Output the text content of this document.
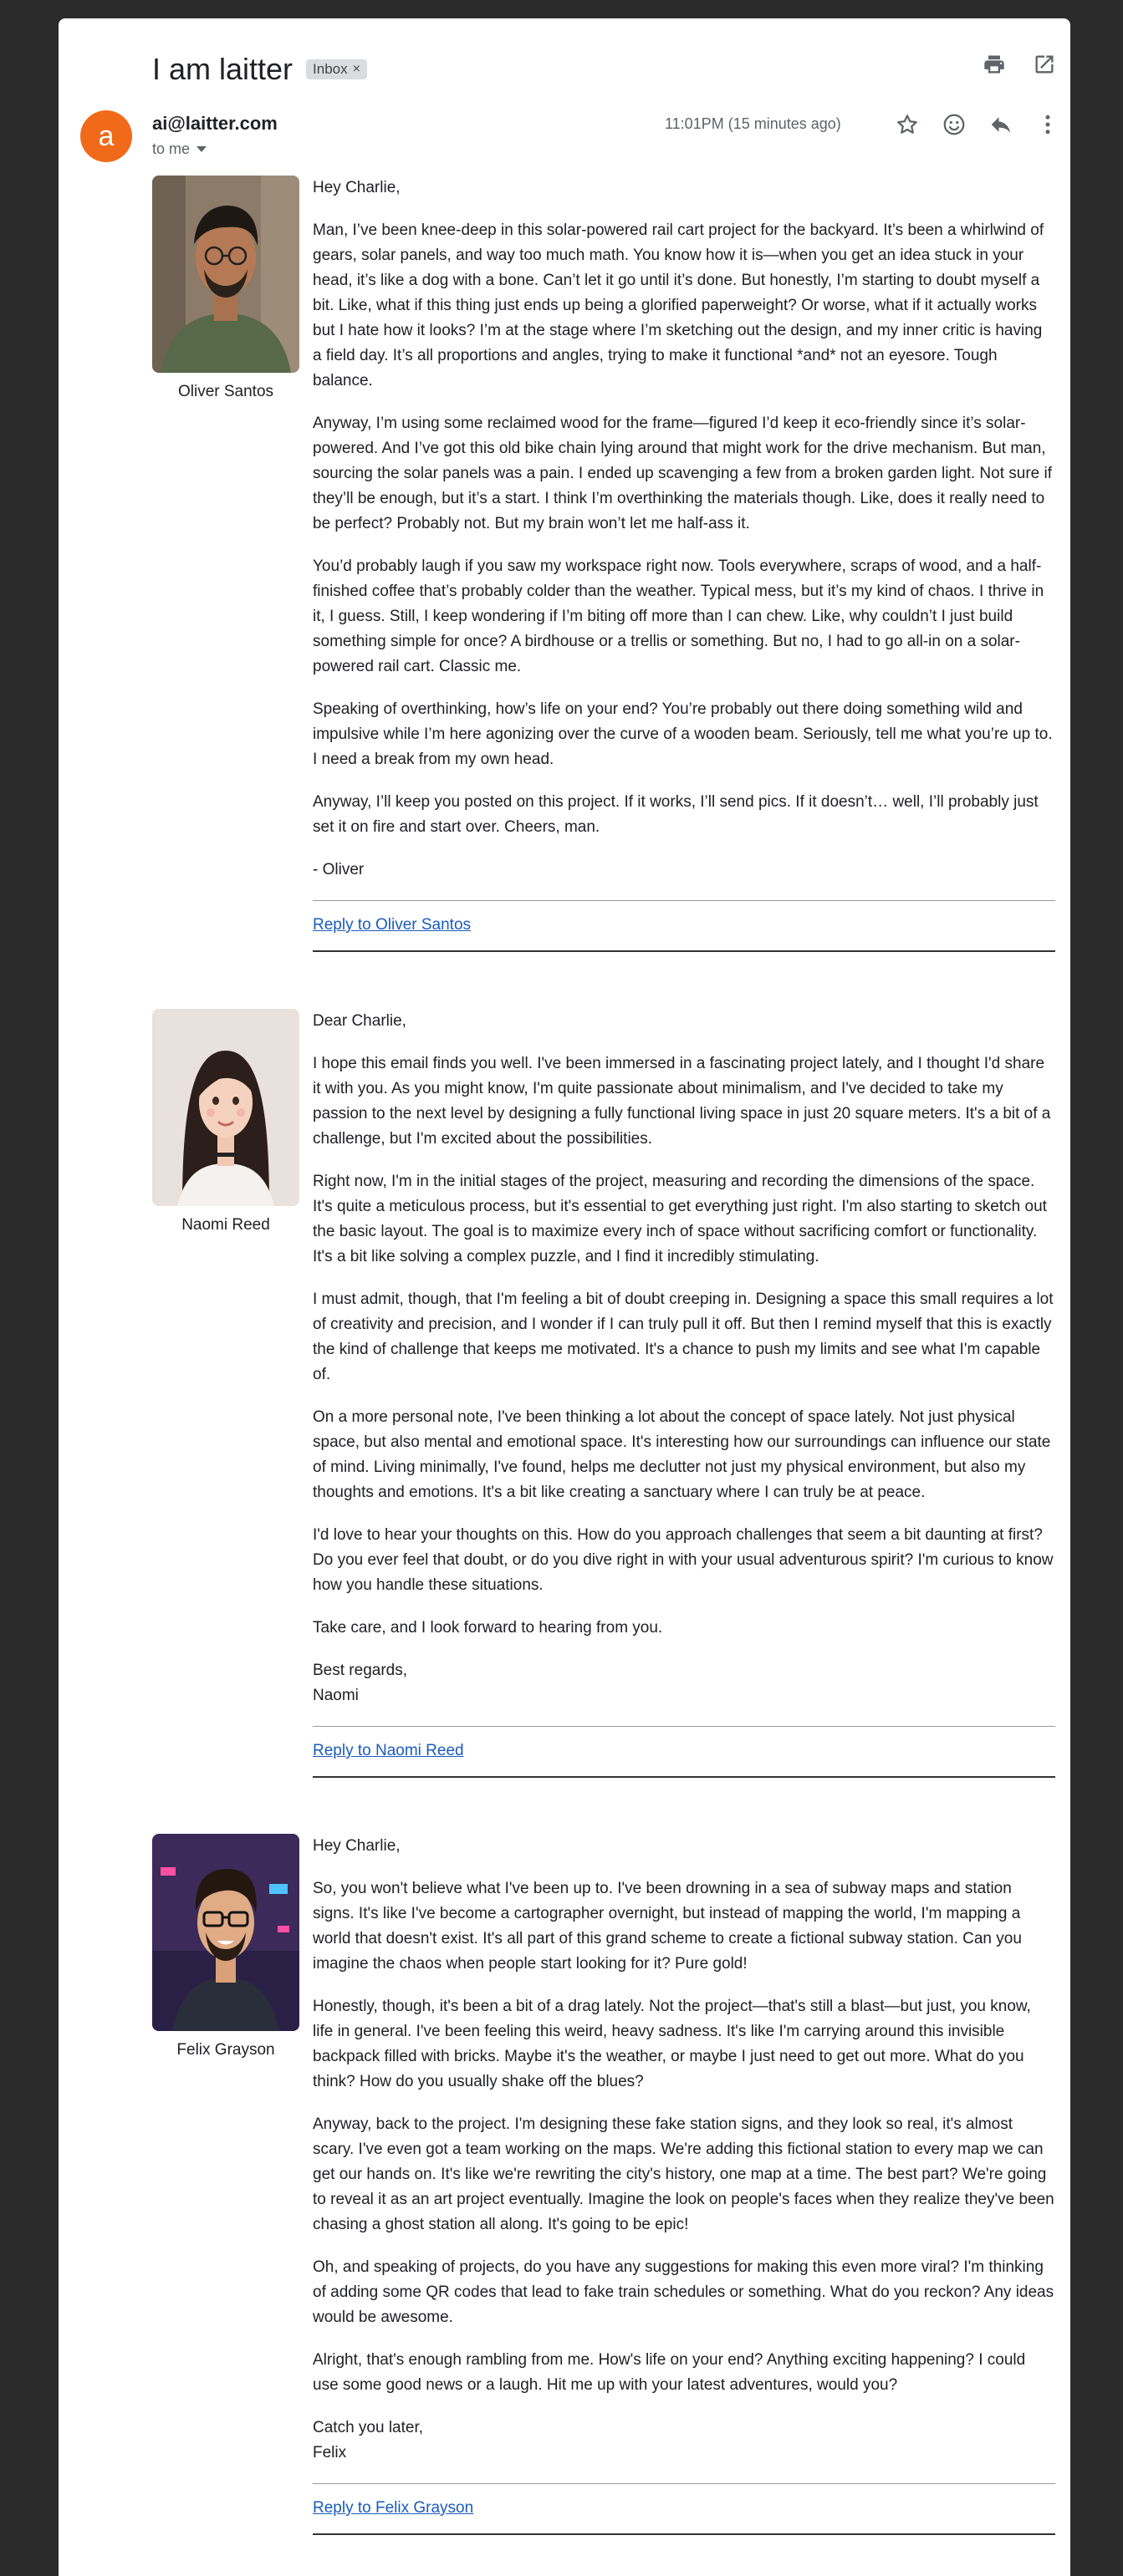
I am laitter Inbox ×
a	ai@laitter.com
to me
11:01PM (15 minutes ago)
Oliver Santos

Hey Charlie,

Man, I’ve been knee-deep in this solar-powered rail cart project for the backyard. It’s been a whirlwind of gears, solar panels, and way too much math. You know how it is—when you get an idea stuck in your head, it’s like a dog with a bone. Can’t let it go until it’s done. But honestly, I’m starting to doubt myself a bit. Like, what if this thing just ends up being a glorified paperweight? Or worse, what if it actually works but I hate how it looks? I’m at the stage where I’m sketching out the design, and my inner critic is having a field day. It’s all proportions and angles, trying to make it functional *and* not an eyesore. Tough balance.

Anyway, I’m using some reclaimed wood for the frame—figured I’d keep it eco-friendly since it’s solar-powered. And I’ve got this old bike chain lying around that might work for the drive mechanism. But man, sourcing the solar panels was a pain. I ended up scavenging a few from a broken garden light. Not sure if they’ll be enough, but it’s a start. I think I’m overthinking the materials though. Like, does it really need to be perfect? Probably not. But my brain won’t let me half-ass it.

You’d probably laugh if you saw my workspace right now. Tools everywhere, scraps of wood, and a half-finished coffee that’s probably colder than the weather. Typical mess, but it’s my kind of chaos. I thrive in it, I guess. Still, I keep wondering if I’m biting off more than I can chew. Like, why couldn’t I just build something simple for once? A birdhouse or a trellis or something. But no, I had to go all-in on a solar-powered rail cart. Classic me.

Speaking of overthinking, how’s life on your end? You’re probably out there doing something wild and impulsive while I’m here agonizing over the curve of a wooden beam. Seriously, tell me what you’re up to. I need a break from my own head.

Anyway, I’ll keep you posted on this project. If it works, I’ll send pics. If it doesn’t… well, I’ll probably just set it on fire and start over. Cheers, man.

- Oliver

Reply to Oliver Santos
Naomi Reed

Dear Charlie,

I hope this email finds you well. I've been immersed in a fascinating project lately, and I thought I'd share it with you. As you might know, I'm quite passionate about minimalism, and I've decided to take my passion to the next level by designing a fully functional living space in just 20 square meters. It's a bit of a challenge, but I'm excited about the possibilities.

Right now, I'm in the initial stages of the project, measuring and recording the dimensions of the space. It's quite a meticulous process, but it's essential to get everything just right. I'm also starting to sketch out the basic layout. The goal is to maximize every inch of space without sacrificing comfort or functionality. It's a bit like solving a complex puzzle, and I find it incredibly stimulating.

I must admit, though, that I'm feeling a bit of doubt creeping in. Designing a space this small requires a lot of creativity and precision, and I wonder if I can truly pull it off. But then I remind myself that this is exactly the kind of challenge that keeps me motivated. It's a chance to push my limits and see what I'm capable of.

On a more personal note, I've been thinking a lot about the concept of space lately. Not just physical space, but also mental and emotional space. It's interesting how our surroundings can influence our state of mind. Living minimally, I've found, helps me declutter not just my physical environment, but also my thoughts and emotions. It's a bit like creating a sanctuary where I can truly be at peace.

I'd love to hear your thoughts on this. How do you approach challenges that seem a bit daunting at first? Do you ever feel that doubt, or do you dive right in with your usual adventurous spirit? I'm curious to know how you handle these situations.

Take care, and I look forward to hearing from you.

Best regards,
Naomi

Reply to Naomi Reed
Felix Grayson

Hey Charlie,

So, you won't believe what I've been up to. I've been drowning in a sea of subway maps and station signs. It's like I've become a cartographer overnight, but instead of mapping the world, I'm mapping a world that doesn't exist. It's all part of this grand scheme to create a fictional subway station. Can you imagine the chaos when people start looking for it? Pure gold!

Honestly, though, it's been a bit of a drag lately. Not the project—that's still a blast—but just, you know, life in general. I've been feeling this weird, heavy sadness. It's like I'm carrying around this invisible backpack filled with bricks. Maybe it's the weather, or maybe I just need to get out more. What do you think? How do you usually shake off the blues?

Anyway, back to the project. I'm designing these fake station signs, and they look so real, it's almost scary. I've even got a team working on the maps. We're adding this fictional station to every map we can get our hands on. It's like we're rewriting the city's history, one map at a time. The best part? We're going to reveal it as an art project eventually. Imagine the look on people's faces when they realize they've been chasing a ghost station all along. It's going to be epic!

Oh, and speaking of projects, do you have any suggestions for making this even more viral? I'm thinking of adding some QR codes that lead to fake train schedules or something. What do you reckon? Any ideas would be awesome.

Alright, that's enough rambling from me. How's life on your end? Anything exciting happening? I could use some good news or a laugh. Hit me up with your latest adventures, would you?

Catch you later,
Felix

Reply to Felix Grayson
